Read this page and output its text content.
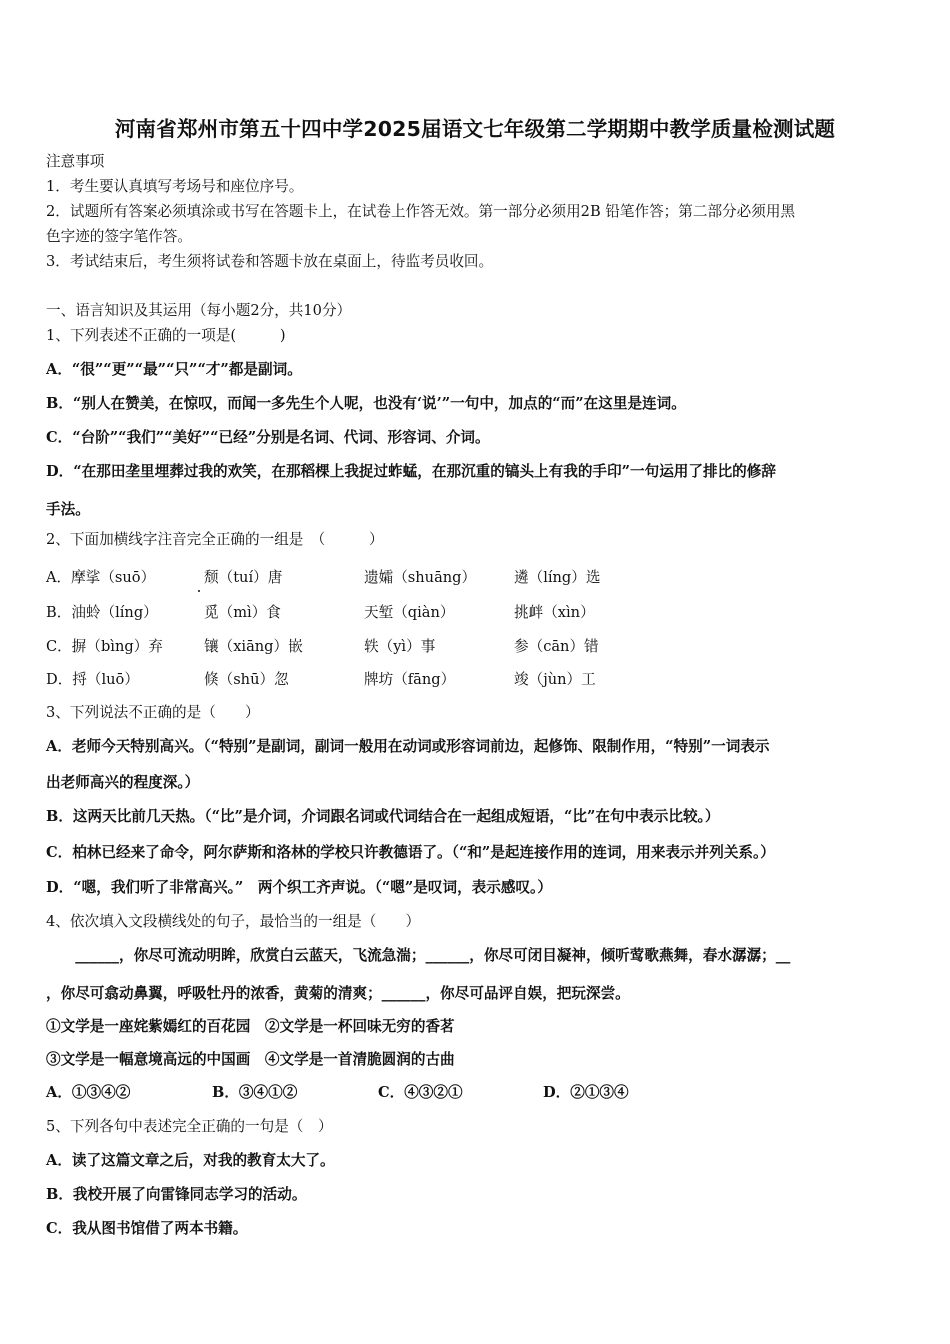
河南省郑州市第五十四中学2025届语文七年级第二学期期中教学质量检测试题
注意事项
1．考生要认真填写考场号和座位序号。
2．试题所有答案必须填涂或书写在答题卡上，在试卷上作答无效。第一部分必须用2B 铅笔作答；第二部分必须用黑
色字迹的签字笔作答。
3．考试结束后，考生须将试卷和答题卡放在桌面上，待监考员收回。
一、语言知识及其运用（每小题2分，共10分）
1、下列表述不正确的一项是(　　　)
A．“很”“更”“最”“只”“才”都是副词。
B．“别人在赞美，在惊叹，而闻一多先生个人呢，也没有‘说’”一句中，加点的“而”在这里是连词。
C．“台阶”“我们”“美好”“已经”分别是名词、代词、形容词、介词。
D．“在那田垄里埋葬过我的欢笑，在那稻棵上我捉过蚱蜢，在那沉重的镐头上有我的手印”一句运用了排比的修辞
手法。
2、下面加横线字注音完全正确的一组是　（　　　）
A．摩挲（suō）	颓（tuí）唐	遗孀（shuāng）	遴（líng）选
B．油蛉（líng）	觅（mì）食	天堑（qiàn）	挑衅（xìn）
C．摒（bìng）弃	镶（xiāng）嵌	轶（yì）事	参（cān）错
D．捋（luō）	倏（shū）忽	牌坊（fāng）	竣（jùn）工
3、下列说法不正确的是（　　）
A．老师今天特别高兴。（“特别”是副词，副词一般用在动词或形容词前边，起修饰、限制作用，“特别”一词表示
出老师高兴的程度深。）
B．这两天比前几天热。（“比”是介词，介词跟名词或代词结合在一起组成短语，“比”在句中表示比较。）
C．柏林已经来了命令，阿尔萨斯和洛林的学校只许教德语了。（“和”是起连接作用的连词，用来表示并列关系。）
D．“嗯，我们听了非常高兴。”　两个织工齐声说。（“嗯”是叹词，表示感叹。）
4、依次填入文段横线处的句子，最恰当的一组是（　　）
　　______，你尽可流动明眸，欣赏白云蓝天，飞流急湍；______，你尽可闭目凝神，倾听莺歌燕舞，春水潺潺；__
，你尽可翕动鼻翼，呼吸牡丹的浓香，黄菊的清爽；______，你尽可品评自娱，把玩深尝。
①文学是一座姹紫嫣红的百花园　②文学是一杯回味无穷的香茗
③文学是一幅意境高远的中国画　④文学是一首清脆圆润的古曲
A．①③④②	B．③④①②	C．④③②①	D．②①③④
5、下列各句中表述完全正确的一句是（　）
A．读了这篇文章之后，对我的教育太大了。
B．我校开展了向雷锋同志学习的活动。
C．我从图书馆借了两本书籍。
